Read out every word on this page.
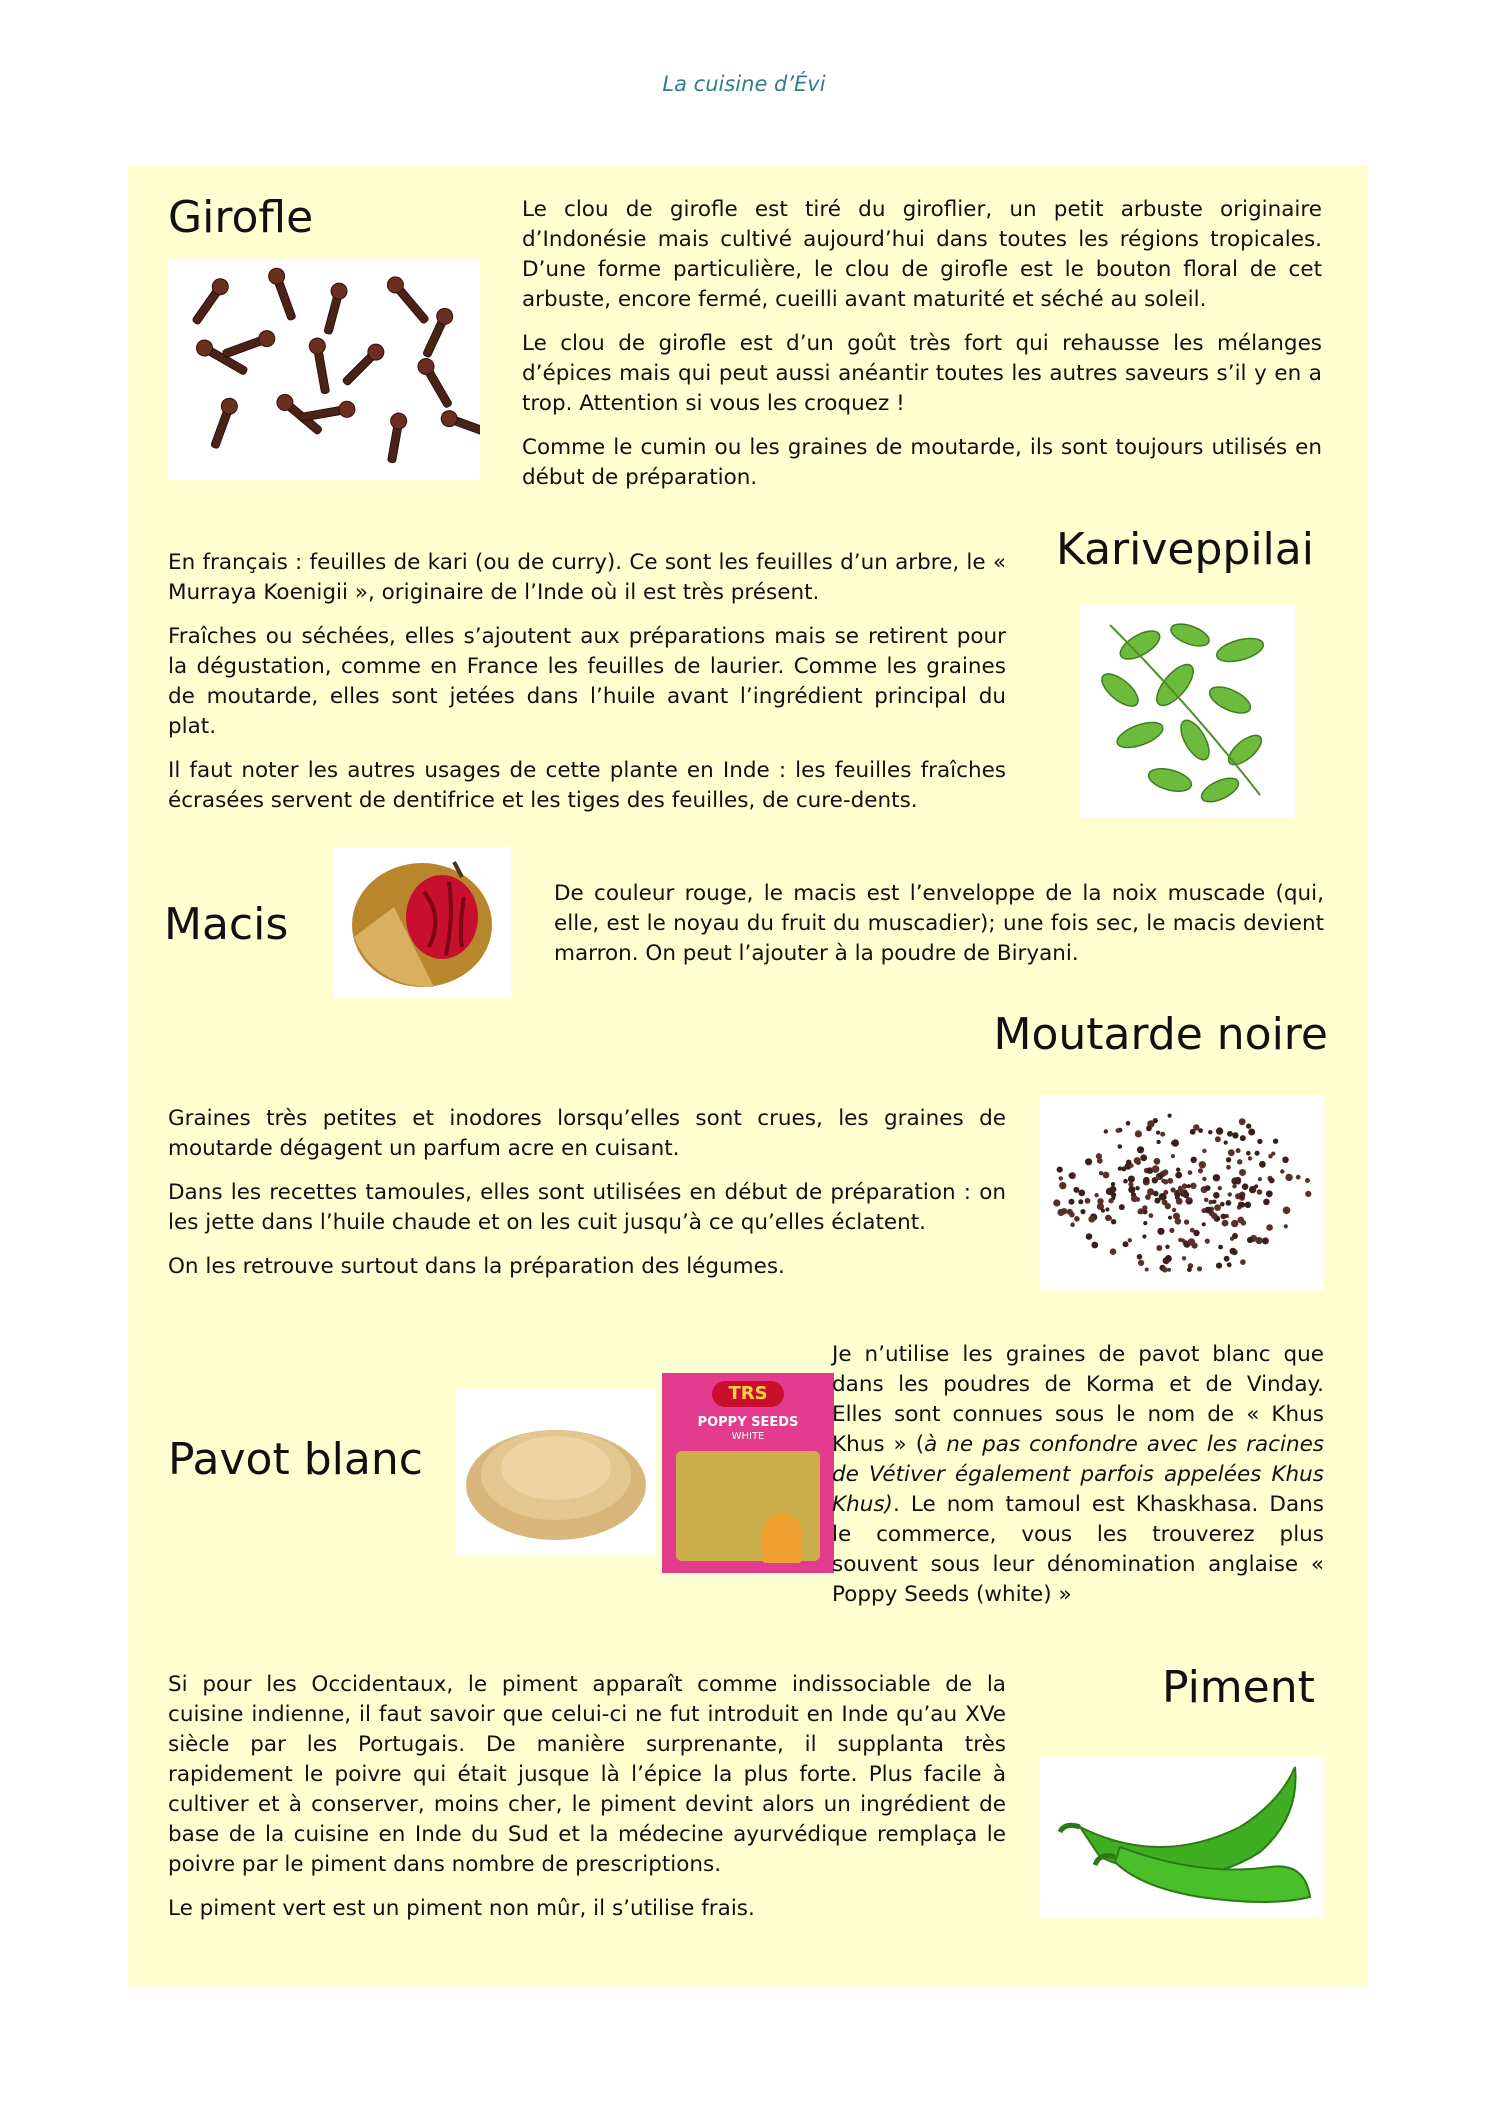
La cuisine d’Évi
Girofle	Le clou de girofle est tiré du giroflier, un petit arbuste originaire d’Indonésie mais cultivé aujourd’hui dans toutes les régions tropicales. D’une forme particulière, le clou de girofle est le bouton floral de cet arbuste, encore fermé, cueilli avant maturité et séché au soleil.

Le clou de girofle est d’un goût très fort qui rehausse les mélanges d’épices mais qui peut aussi anéantir toutes les autres saveurs s’il y en a trop. Attention si vous les croquez !

Comme le cumin ou les graines de moutarde, ils sont toujours utilisés en début de préparation.

Kariveppilai

En français : feuilles de kari (ou de curry). Ce sont les feuilles d’un arbre, le « Murraya Koenigii », originaire de l’Inde où il est très présent.

Fraîches ou séchées, elles s’ajoutent aux préparations mais se retirent pour la dégustation, comme en France les feuilles de laurier. Comme les graines de moutarde, elles sont jetées dans l’huile avant l’ingrédient principal du plat.

Il faut noter les autres usages de cette plante en Inde : les feuilles fraîches écrasées servent de dentifrice et les tiges des feuilles, de cure-dents.

Macis

De couleur rouge, le macis est l’enveloppe de la noix muscade (qui, elle, est le noyau du fruit du muscadier); une fois sec, le macis devient marron. On peut l’ajouter à la poudre de Biryani.

Moutarde noire

Graines très petites et inodores lorsqu’elles sont crues, les graines de moutarde dégagent un parfum acre en cuisant.

Dans les recettes tamoules, elles sont utilisées en début de préparation : on les jette dans l’huile chaude et on les cuit jusqu’à ce qu’elles éclatent.

On les retrouve surtout dans la préparation des légumes.

Pavot blanc
TRS
POPPY SEEDS
WHITE

Je n’utilise les graines de pavot blanc que dans les poudres de Korma et de Vinday. Elles sont connues sous le nom de « Khus Khus » (à ne pas confondre avec les racines de Vétiver également parfois appelées Khus Khus). Le nom tamoul est Khaskhasa. Dans le commerce, vous les trouverez plus souvent sous leur dénomination anglaise « Poppy Seeds (white) »

Piment

Si pour les Occidentaux, le piment apparaît comme indissociable de la cuisine indienne, il faut savoir que celui-ci ne fut introduit en Inde qu’au XVe siècle par les Portugais. De manière surprenante, il supplanta très rapidement le poivre qui était jusque là l’épice la plus forte. Plus facile à cultiver et à conserver, moins cher, le piment devint alors un ingrédient de base de la cuisine en Inde du Sud et la médecine ayurvédique remplaça le poivre par le piment dans nombre de prescriptions.

Le piment vert est un piment non mûr, il s’utilise frais.
